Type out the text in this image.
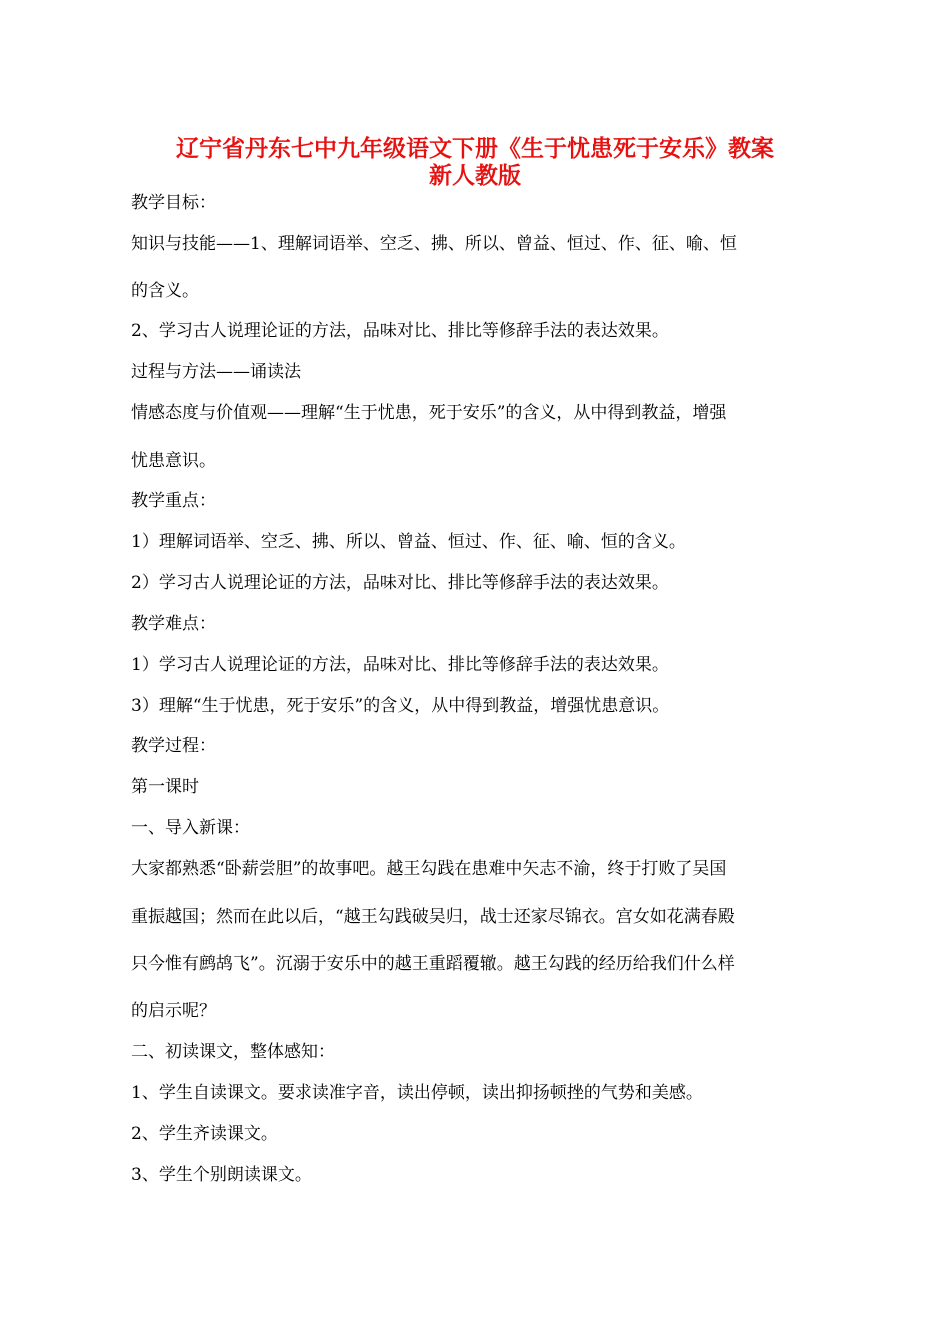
辽宁省丹东七中九年级语文下册《生于忧患死于安乐》教案
新人教版
教学目标：
知识与技能——1、理解词语举、空乏、拂、所以、曾益、恒过、作、征、喻、恒
的含义。
2、学习古人说理论证的方法，品味对比、排比等修辞手法的表达效果。
过程与方法——诵读法
情感态度与价值观——理解“生于忧患，死于安乐”的含义，从中得到教益，增强
忧患意识。
教学重点：
1）理解词语举、空乏、拂、所以、曾益、恒过、作、征、喻、恒的含义。
2）学习古人说理论证的方法，品味对比、排比等修辞手法的表达效果。
教学难点：
1）学习古人说理论证的方法，品味对比、排比等修辞手法的表达效果。
3）理解“生于忧患，死于安乐”的含义，从中得到教益，增强忧患意识。
教学过程：
第一课时
一、导入新课：
大家都熟悉“卧薪尝胆”的故事吧。越王勾践在患难中矢志不渝，终于打败了吴国
重振越国；然而在此以后，“越王勾践破吴归，战士还家尽锦衣。宫女如花满春殿
只今惟有鹧鸪飞”。沉溺于安乐中的越王重蹈覆辙。越王勾践的经历给我们什么样
的启示呢？
二、初读课文，整体感知：
1、学生自读课文。要求读准字音，读出停顿，读出抑扬顿挫的气势和美感。
2、学生齐读课文。
3、学生个别朗读课文。
